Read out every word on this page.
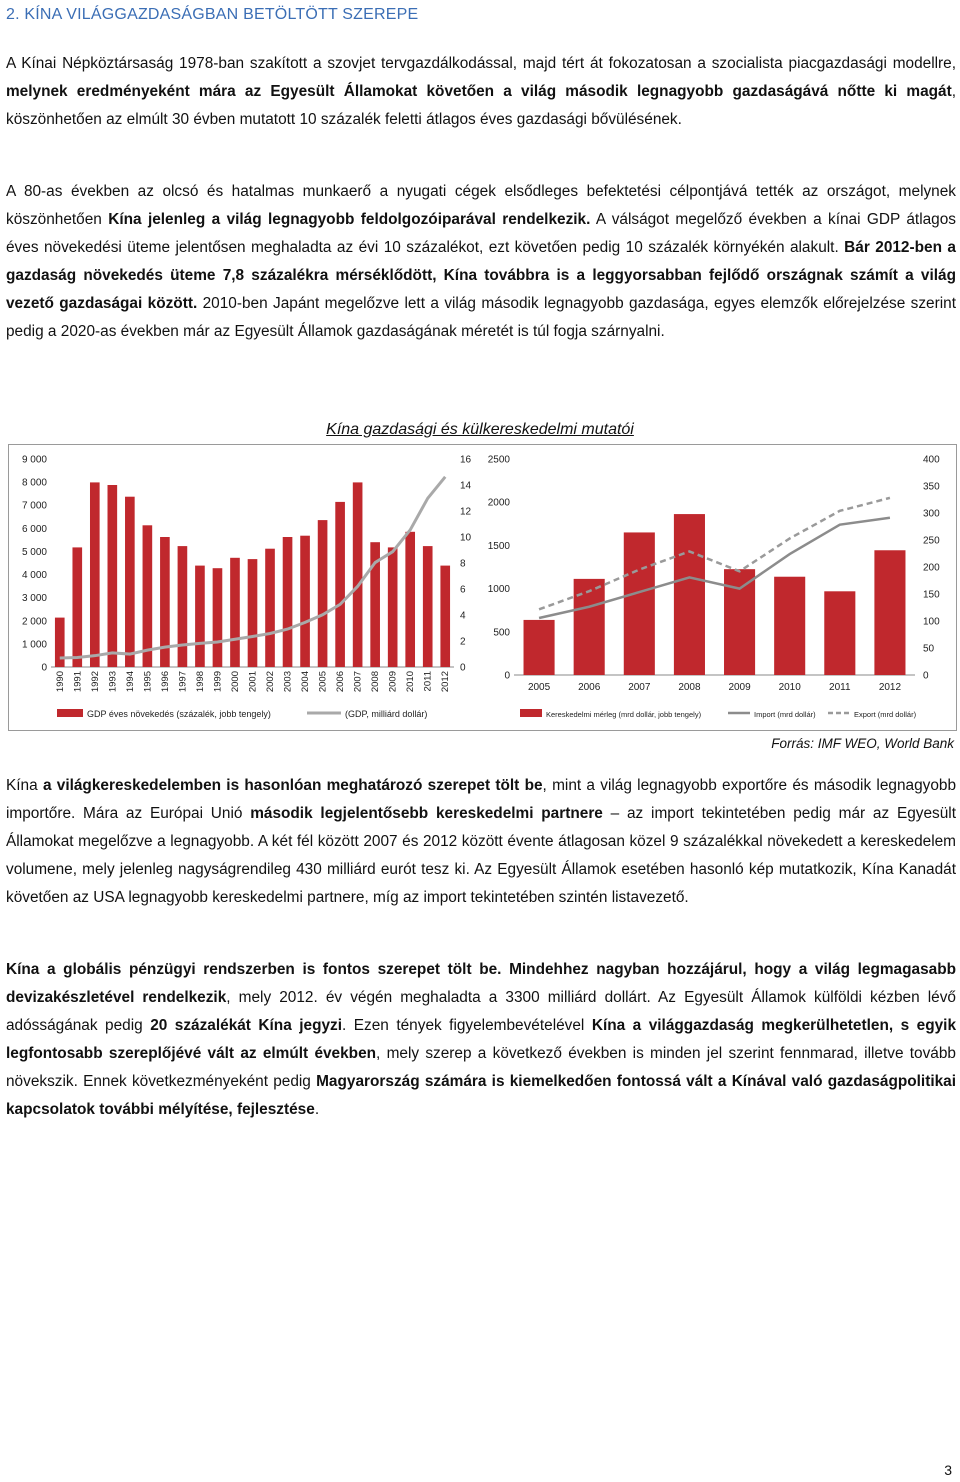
2. KÍNA VILÁGGAZDASÁGBAN BETÖLTÖTT SZEREPE
A Kínai Népköztársaság 1978-ban szakított a szovjet tervgazdálkodással, majd tért át fokozatosan a szocialista piacgazdasági modellre, melynek eredményeként mára az Egyesült Államokat követően a világ második legnagyobb gazdaságává nőtte ki magát, köszönhetően az elmúlt 30 évben mutatott 10 százalék feletti átlagos éves gazdasági bővülésének.
A 80-as években az olcsó és hatalmas munkaerő a nyugati cégek elsődleges befektetési célpontjává tették az országot, melynek köszönhetően Kína jelenleg a világ legnagyobb feldolgozóiparával rendelkezik. A válságot megelőző években a kínai GDP átlagos éves növekedési üteme jelentősen meghaladta az évi 10 százalékot, ezt követően pedig 10 százalék környékén alakult. Bár 2012-ben a gazdaság növekedés üteme 7,8 százalékra mérséklődött, Kína továbbra is a leggyorsabban fejlődő országnak számít a világ vezető gazdaságai között. 2010-ben Japánt megelőzve lett a világ második legnagyobb gazdasága, egyes elemzők előrejelzése szerint pedig a 2020-as években már az Egyesült Államok gazdaságának méretét is túl fogja szárnyalni.
Kína gazdasági és külkereskedelmi mutatói
0
1 000
2 000
3 000
4 000
5 000
6 000
7 000
8 000
9 000
0
2
4
6
8
10
12
14
16
1990 1991 1992 1993 1994 1995 1996 1997 1998 1999 2000 2001 2002 2003 2004 2005 2006 2007 2008 2009 2010 2011 2012
GDP éves növekedés (százalék, jobb tengely)	(GDP, milliárd dollár)
0
500
1000
1500
2000
2500
0
50
100
150
200
250
300
350
400
2005	2006	2007	2008	2009	2010	2011	2012
Kereskedelmi mérleg (mrd dollár, jobb tengely)	Import (mrd dollár)	Export (mrd dollár)
Forrás: IMF WEO, World Bank
Kína a világkereskedelemben is hasonlóan meghatározó szerepet tölt be, mint a világ legnagyobb exportőre és második legnagyobb importőre. Mára az Európai Unió második legjelentősebb kereskedelmi partnere – az import tekintetében pedig már az Egyesült Államokat megelőzve a legnagyobb. A két fél között 2007 és 2012 között évente átlagosan közel 9 százalékkal növekedett a kereskedelem volumene, mely jelenleg nagyságrendileg 430 milliárd eurót tesz ki. Az Egyesült Államok esetében hasonló kép mutatkozik, Kína Kanadát követően az USA legnagyobb kereskedelmi partnere, míg az import tekintetében szintén listavezető.
Kína a globális pénzügyi rendszerben is fontos szerepet tölt be. Mindehhez nagyban hozzájárul, hogy a világ legmagasabb devizakészletével rendelkezik, mely 2012. év végén meghaladta a 3300 milliárd dollárt. Az Egyesült Államok külföldi kézben lévő adósságának pedig 20 százalékát Kína jegyzi. Ezen tények figyelembevételével Kína a világgazdaság megkerülhetetlen, s egyik legfontosabb szereplőjévé vált az elmúlt években, mely szerep a következő években is minden jel szerint fennmarad, illetve tovább növekszik. Ennek következményeként pedig Magyarország számára is kiemelkedően fontossá vált a Kínával való gazdaságpolitikai kapcsolatok további mélyítése, fejlesztése.
3
